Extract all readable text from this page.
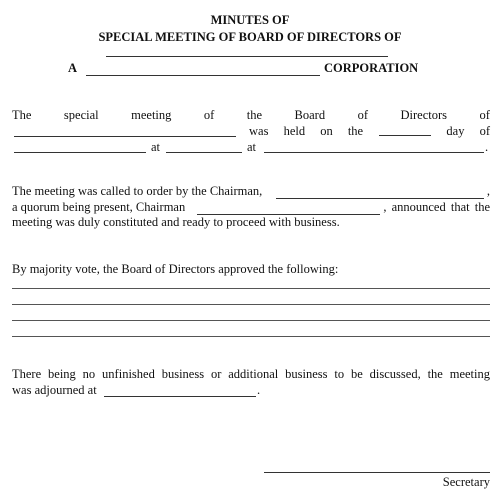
MINUTES OF
SPECIAL MEETING OF BOARD OF DIRECTORS OF
A	CORPORATION
The	special	meeting	of	the	Board	of	Directors	of
was held on the	day of
at	at	.
The meeting was called to order by the Chairman,	,
a quorum being present, Chairman	, announced that the
meeting was duly constituted and ready to proceed with business.
By majority vote, the Board of Directors approved the following:
There being no unfinished business or additional business to be discussed, the meeting
was adjourned at	.
Secretary
